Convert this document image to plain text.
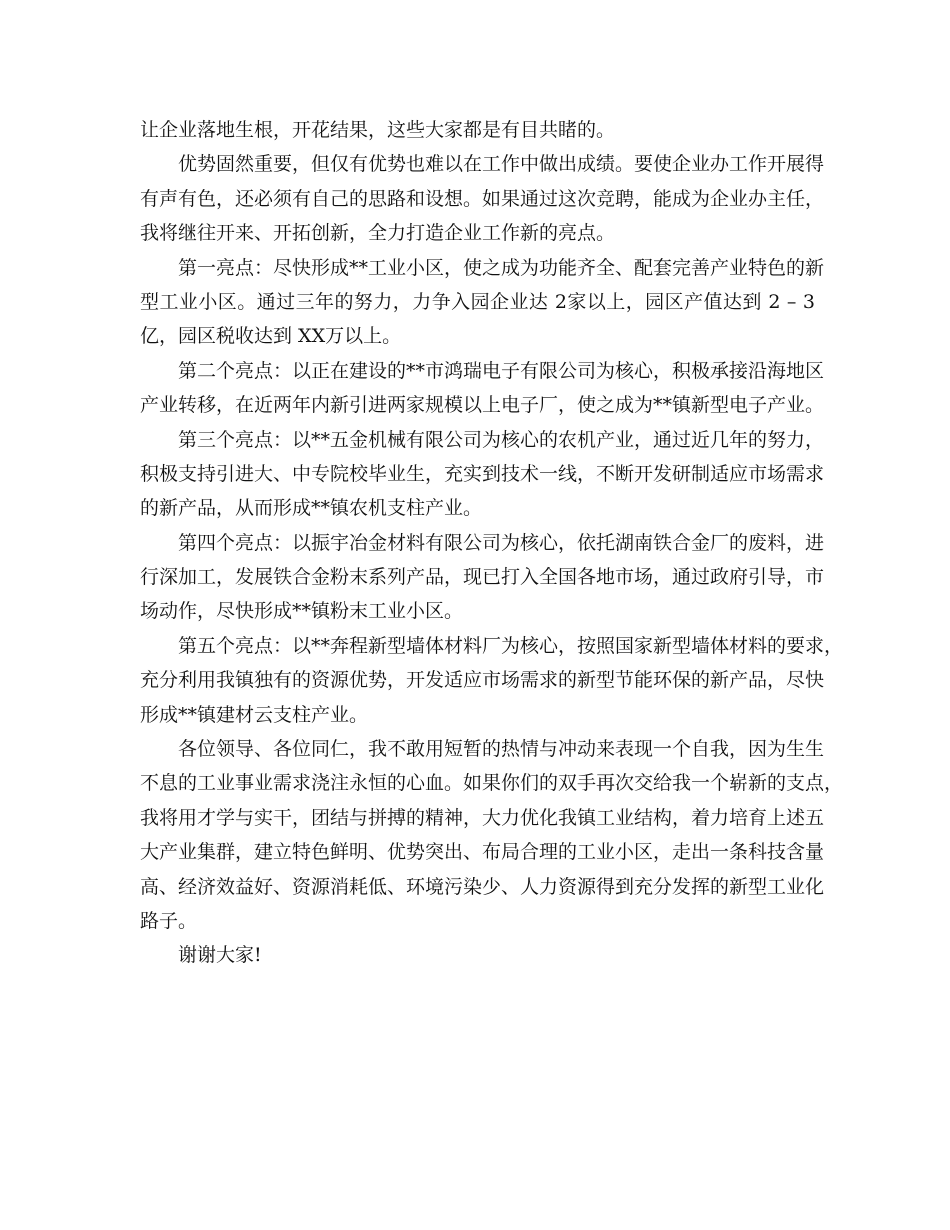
让企业落地生根，开花结果，这些大家都是有目共睹的。
优势固然重要，但仅有优势也难以在工作中做出成绩。要使企业办工作开展得
有声有色，还必须有自己的思路和设想。如果通过这次竞聘，能成为企业办主任，
我将继往开来、开拓创新，全力打造企业工作新的亮点。
第一亮点：尽快形成**工业小区，使之成为功能齐全、配套完善产业特色的新
型工业小区。通过三年的努力，力争入园企业达 2家以上，园区产值达到 2 – 3
亿，园区税收达到 XX万以上。
第二个亮点：以正在建设的**市鸿瑞电子有限公司为核心，积极承接沿海地区
产业转移，在近两年内新引进两家规模以上电子厂，使之成为**镇新型电子产业。
第三个亮点：以**五金机械有限公司为核心的农机产业，通过近几年的努力，
积极支持引进大、中专院校毕业生，充实到技术一线，不断开发研制适应市场需求
的新产品，从而形成**镇农机支柱产业。
第四个亮点：以振宇冶金材料有限公司为核心，依托湖南铁合金厂的废料，进
行深加工，发展铁合金粉末系列产品，现已打入全国各地市场，通过政府引导，市
场动作，尽快形成**镇粉末工业小区。
第五个亮点：以**奔程新型墙体材料厂为核心，按照国家新型墙体材料的要求，
充分利用我镇独有的资源优势，开发适应市场需求的新型节能环保的新产品，尽快
形成**镇建材云支柱产业。
各位领导、各位同仁，我不敢用短暂的热情与冲动来表现一个自我，因为生生
不息的工业事业需求浇注永恒的心血。如果你们的双手再次交给我一个崭新的支点，
我将用才学与实干，团结与拼搏的精神，大力优化我镇工业结构，着力培育上述五
大产业集群，建立特色鲜明、优势突出、布局合理的工业小区，走出一条科技含量
高、经济效益好、资源消耗低、环境污染少、人力资源得到充分发挥的新型工业化
路子。
谢谢大家!
